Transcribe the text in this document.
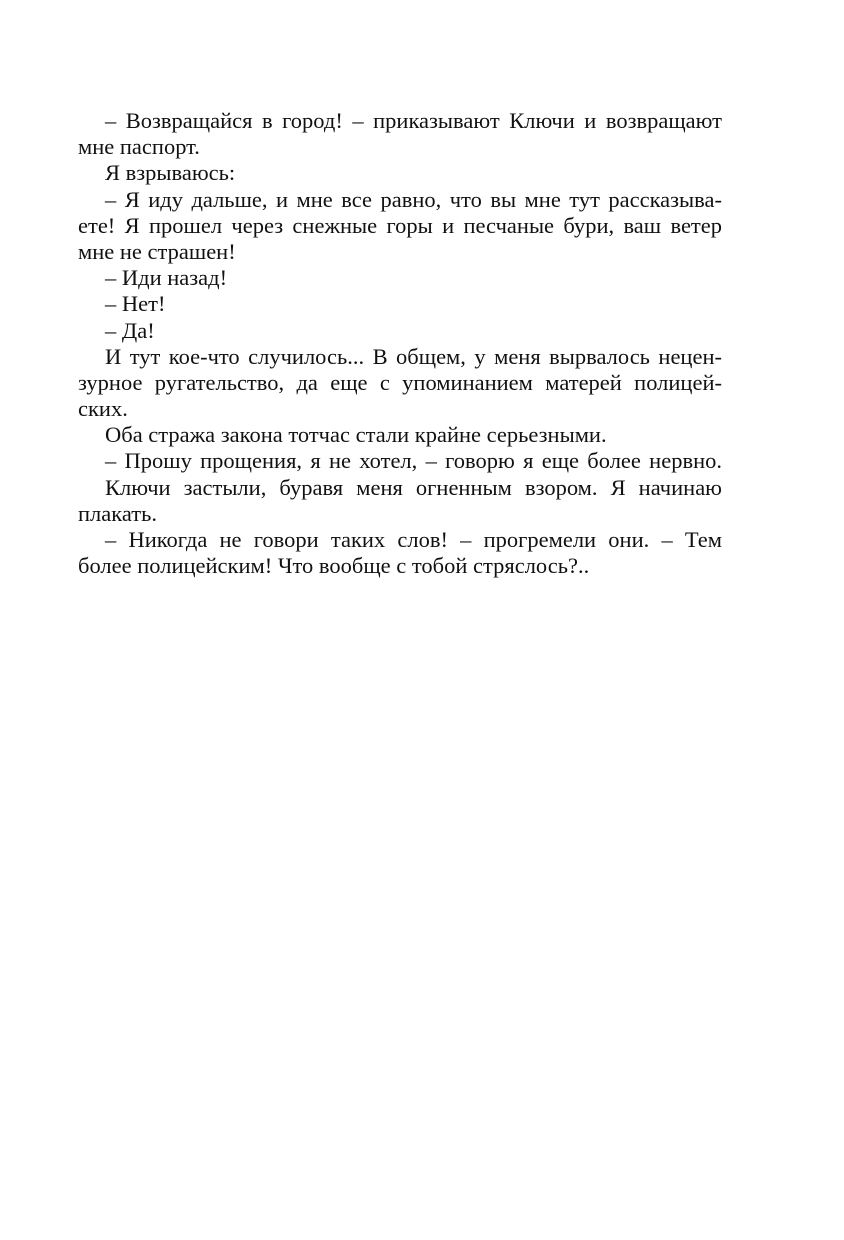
– Возвращайся в город! – приказывают Ключи и возвращают
мне паспорт.
Я взрываюсь:
– Я иду дальше, и мне все равно, что вы мне тут рассказыва-
ете! Я прошел через снежные горы и песчаные бури, ваш ветер
мне не страшен!
– Иди назад!
– Нет!
– Да!
И тут кое-что случилось... В общем, у меня вырвалось нецен-
зурное ругательство, да еще с упоминанием матерей полицей-
ских.
Оба стража закона тотчас стали крайне серьезными.
– Прошу прощения, я не хотел, – говорю я еще более нервно.
Ключи застыли, буравя меня огненным взором. Я начинаю
плакать.
– Никогда не говори таких слов! – прогремели они. – Тем
более полицейским! Что вообще с тобой стряслось?..
